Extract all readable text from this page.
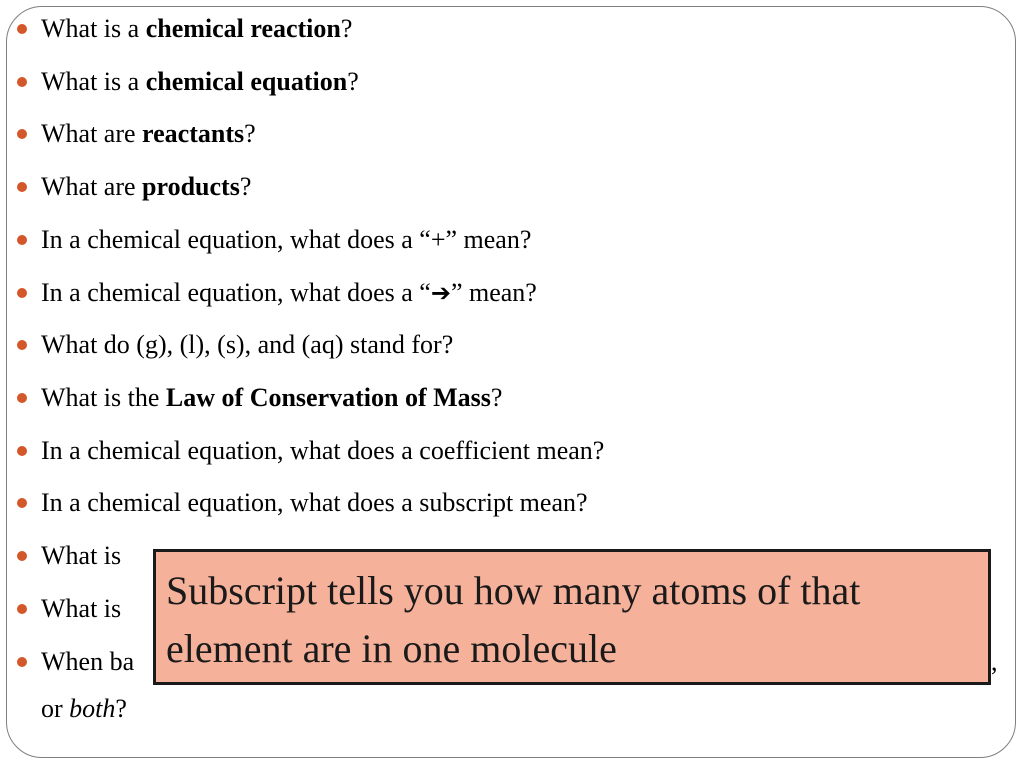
What is a chemical reaction?
What is a chemical equation?
What are reactants?
What are products?
In a chemical equation, what does a “+” mean?
In a chemical equation, what does a “➔” mean?
What do (g), (l), (s), and (aq) stand for?
What is the Law of Conservation of Mass?
In a chemical equation, what does a coefficient mean?
In a chemical equation, what does a subscript mean?
What is
What is
When ba	,
or both?
Subscript tells you how many atoms of that element are in one molecule
